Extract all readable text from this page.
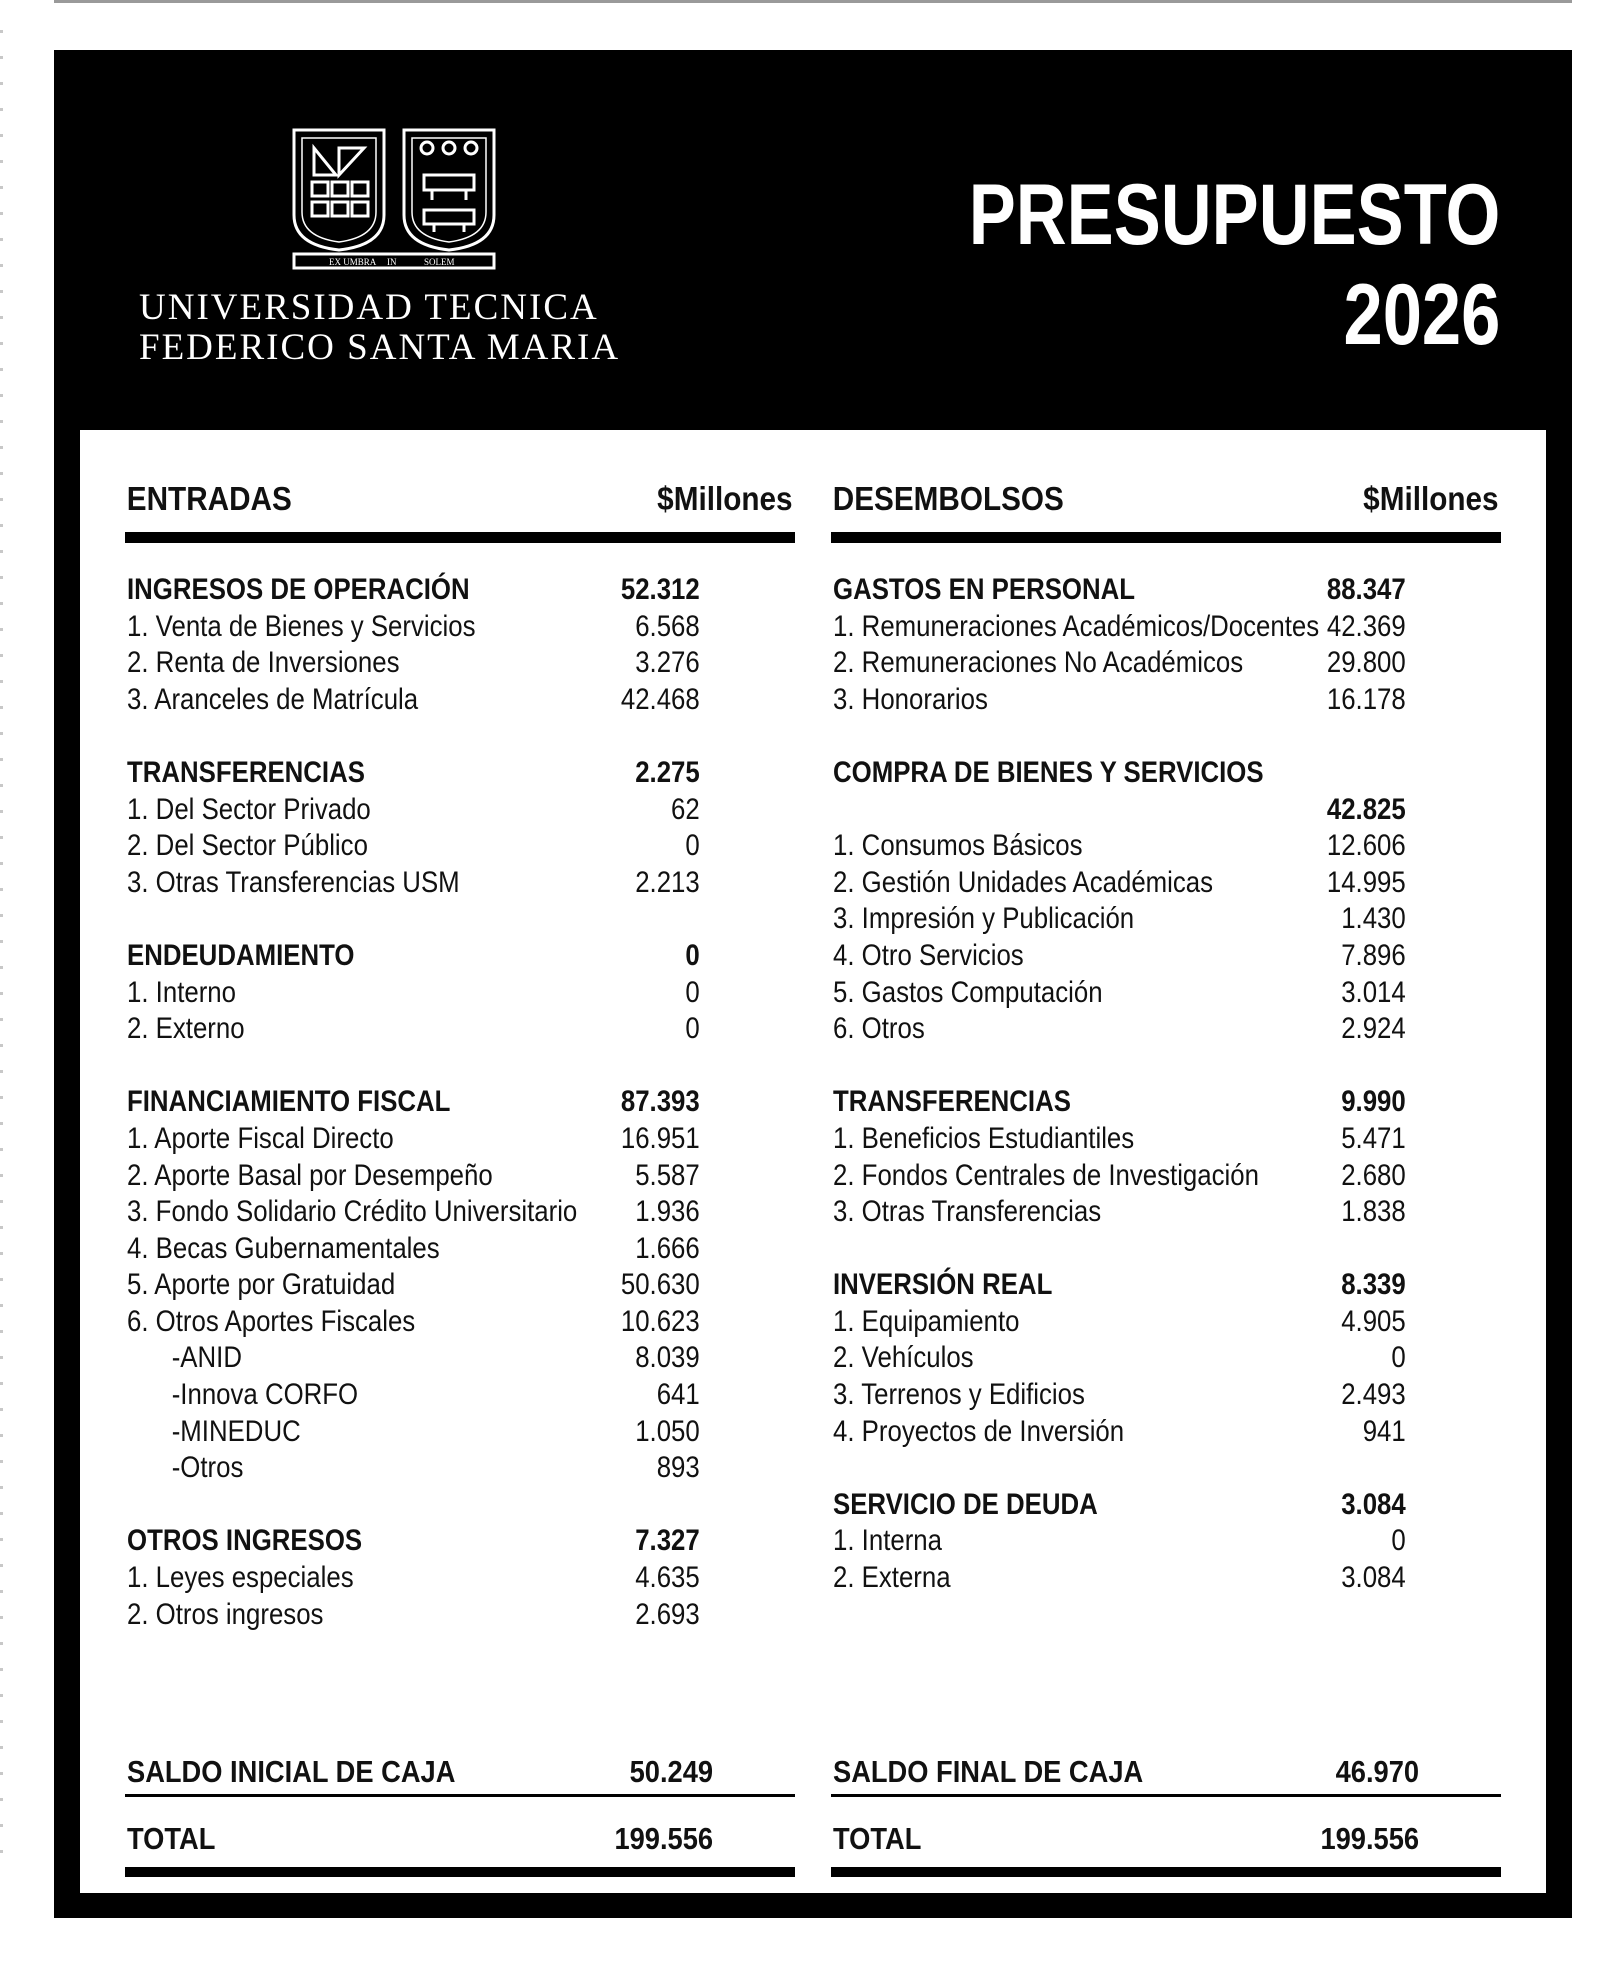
EX UMBRA IN	SOLEM
UNIVERSIDAD TECNICA
FEDERICO SANTA MARIA
PRESUPUESTO
2026
ENTRADAS	$Millones
INGRESOS DE OPERACIÓN	52.312
1. Venta de Bienes y Servicios	6.568
2. Renta de Inversiones	3.276
3. Aranceles de Matrícula	42.468
TRANSFERENCIAS	2.275
1. Del Sector Privado	62
2. Del Sector Público	0
3. Otras Transferencias USM	2.213
ENDEUDAMIENTO	0
1. Interno	0
2. Externo	0
FINANCIAMIENTO FISCAL	87.393
1. Aporte Fiscal Directo	16.951
2. Aporte Basal por Desempeño	5.587
3. Fondo Solidario Crédito Universitario 1.936
4. Becas Gubernamentales	1.666
5. Aporte por Gratuidad	50.630
6. Otros Aportes Fiscales	10.623
-ANID	8.039
-Innova CORFO	641
-MINEDUC	1.050
-Otros	893
OTROS INGRESOS	7.327
1. Leyes especiales	4.635
2. Otros ingresos	2.693
DESEMBOLSOS	$Millones
GASTOS EN PERSONAL	88.347
1. Remuneraciones Académicos/Docentes 42.369
2. Remuneraciones No Académicos	29.800
3. Honorarios	16.178
COMPRA DE BIENES Y SERVICIOS
42.825
1. Consumos Básicos	12.606
2. Gestión Unidades Académicas	14.995
3. Impresión y Publicación	1.430
4. Otro Servicios	7.896
5. Gastos Computación	3.014
6. Otros	2.924
TRANSFERENCIAS	9.990
1. Beneficios Estudiantiles	5.471
2. Fondos Centrales de Investigación	2.680
3. Otras Transferencias	1.838
INVERSIÓN REAL	8.339
1. Equipamiento	4.905
2. Vehículos	0
3. Terrenos y Edificios	2.493
4. Proyectos de Inversión	941
SERVICIO DE DEUDA	3.084
1. Interna	0
2. Externa	3.084
SALDO INICIAL DE CAJA	50.249
TOTAL	199.556
SALDO FINAL DE CAJA	46.970
TOTAL	199.556
